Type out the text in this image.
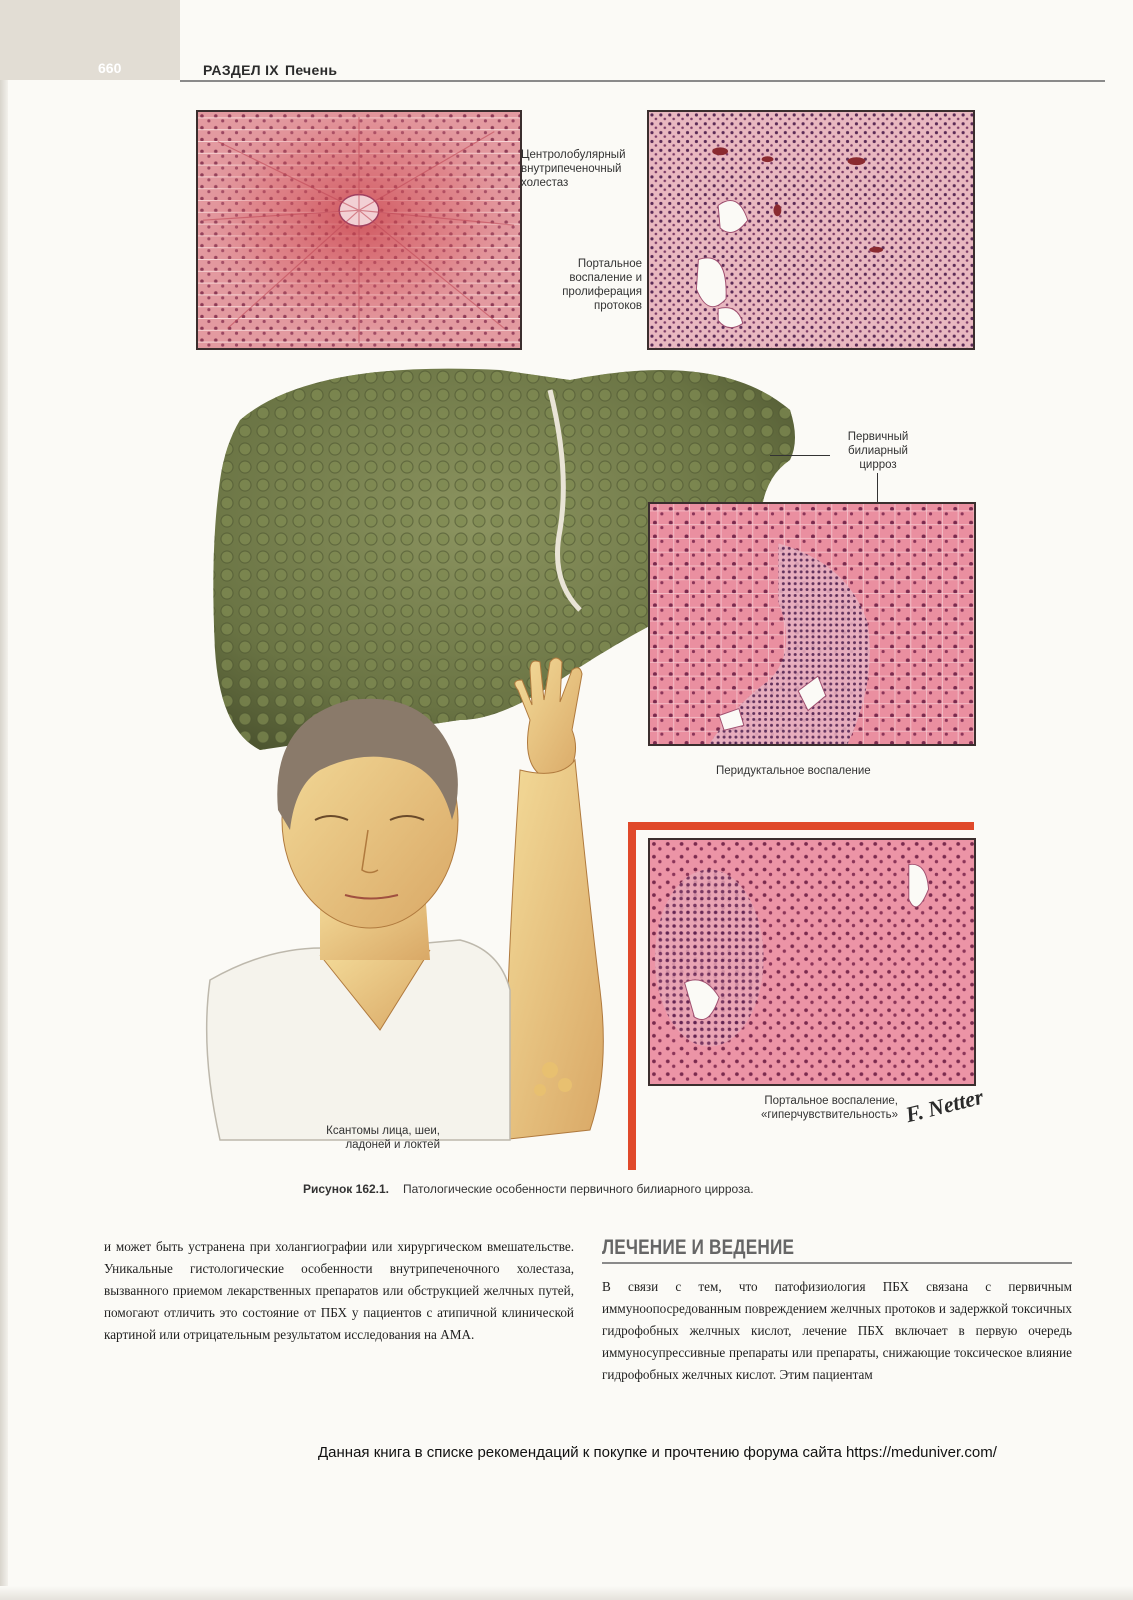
660	РАЗДЕЛ IX Печень
Центролобулярный внутрипеченочный холестаз
Портальное воспаление и пролиферация протоков
Первичный билиарный цирроз
Перидуктальное воспаление
Ксантомы лица, шеи, ладоней и локтей
Портальное воспаление, «гиперчувствительность» F. Netter
Рисунок 162.1. Патологические особенности первичного билиарного цирроза.
и может быть устранена при холангиографии или хирургическом вмешательстве. Уникальные гистологические особенности внутрипеченочного холестаза, вызванного приемом лекарственных препаратов или обструкцией желчных путей, помогают отличить это состояние от ПБХ у пациентов с атипичной клинической картиной или отрицательным результатом исследования на АМА.
ЛЕЧЕНИЕ И ВЕДЕНИЕ
В связи с тем, что патофизиология ПБХ связана с первичным иммуноопосредованным повреждением желчных протоков и задержкой токсичных гидрофобных желчных кислот, лечение ПБХ включает в первую очередь иммуносупрессивные препараты или препараты, снижающие токсическое влияние гидрофобных желчных кислот. Этим пациентам
Данная книга в списке рекомендаций к покупке и прочтению форума сайта https://meduniver.com/
